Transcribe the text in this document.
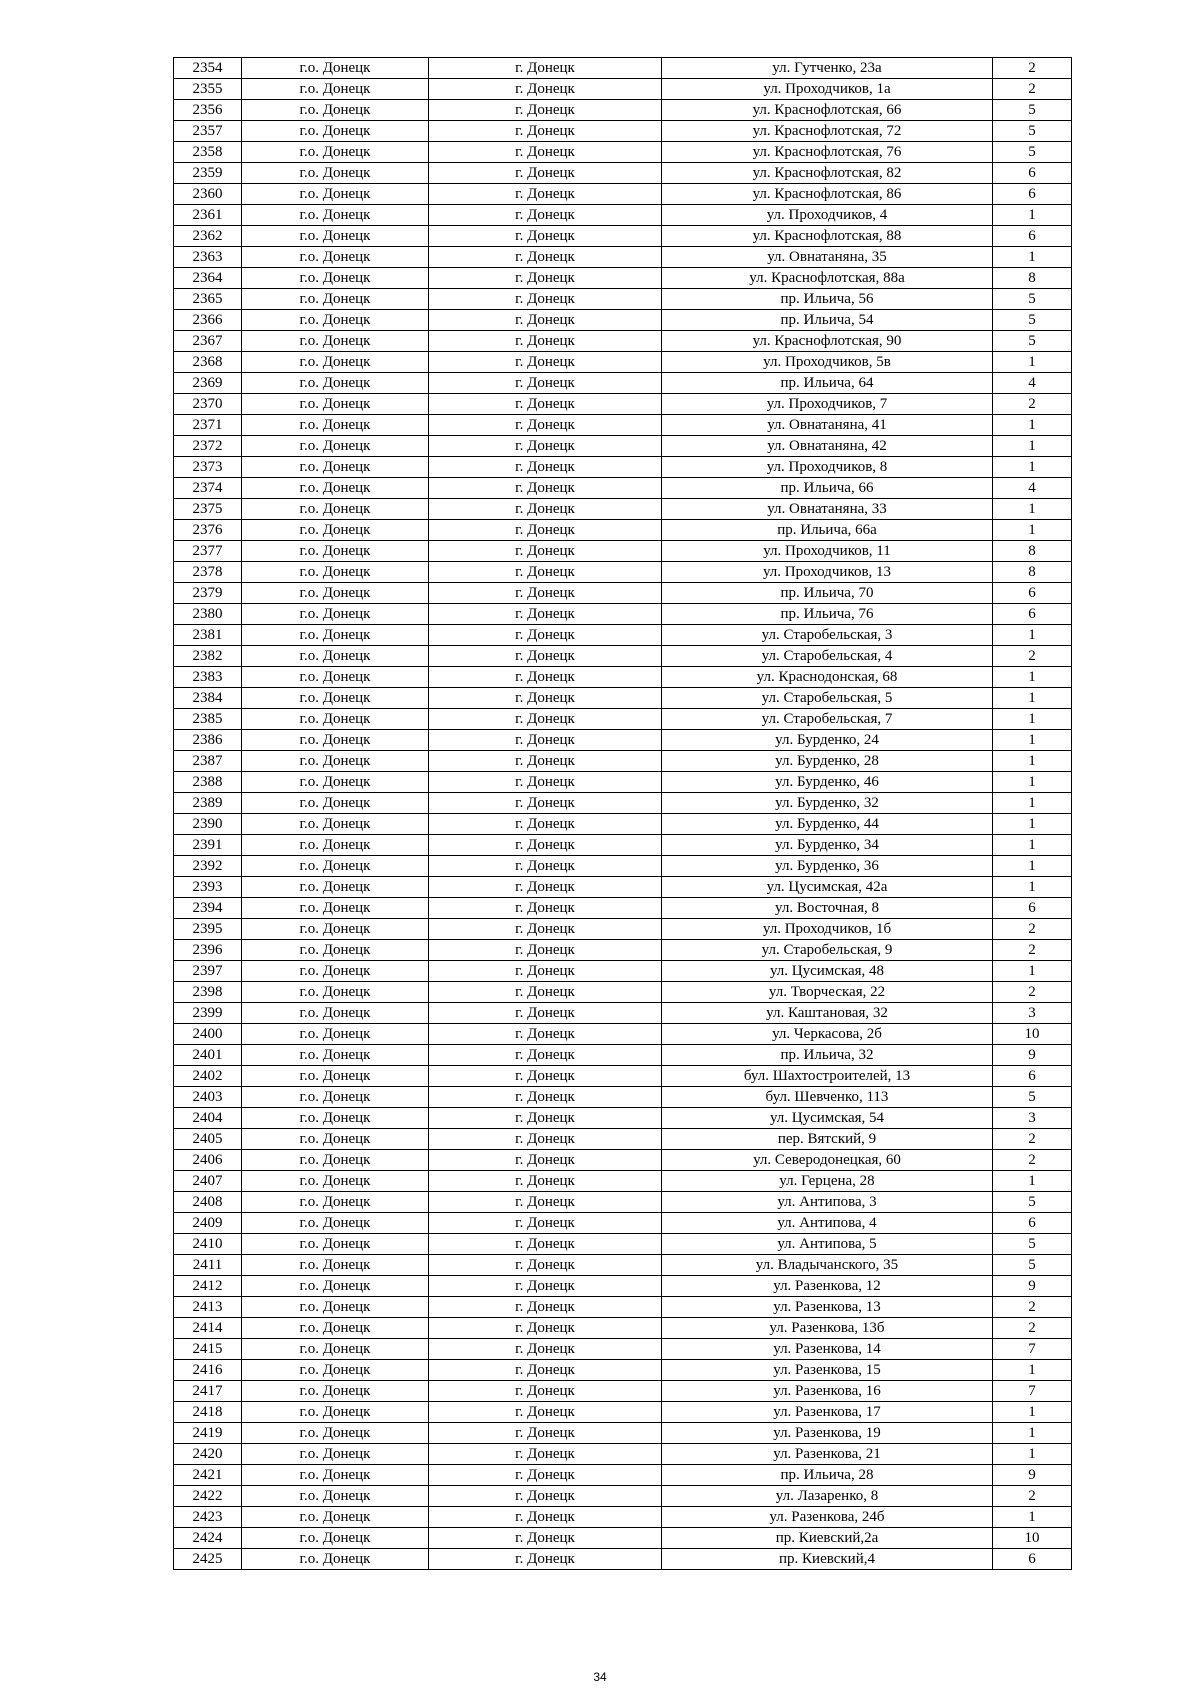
2354	г.о. Донецк	г. Донецк	ул. Гутченко, 23а	2
2355	г.о. Донецк	г. Донецк	ул. Проходчиков, 1а	2
2356	г.о. Донецк	г. Донецк	ул. Краснофлотская, 66	5
2357	г.о. Донецк	г. Донецк	ул. Краснофлотская, 72	5
2358	г.о. Донецк	г. Донецк	ул. Краснофлотская, 76	5
2359	г.о. Донецк	г. Донецк	ул. Краснофлотская, 82	6
2360	г.о. Донецк	г. Донецк	ул. Краснофлотская, 86	6
2361	г.о. Донецк	г. Донецк	ул. Проходчиков, 4	1
2362	г.о. Донецк	г. Донецк	ул. Краснофлотская, 88	6
2363	г.о. Донецк	г. Донецк	ул. Овнатаняна, 35	1
2364	г.о. Донецк	г. Донецк	ул. Краснофлотская, 88а	8
2365	г.о. Донецк	г. Донецк	пр. Ильича, 56	5
2366	г.о. Донецк	г. Донецк	пр. Ильича, 54	5
2367	г.о. Донецк	г. Донецк	ул. Краснофлотская, 90	5
2368	г.о. Донецк	г. Донецк	ул. Проходчиков, 5в	1
2369	г.о. Донецк	г. Донецк	пр. Ильича, 64	4
2370	г.о. Донецк	г. Донецк	ул. Проходчиков, 7	2
2371	г.о. Донецк	г. Донецк	ул. Овнатаняна, 41	1
2372	г.о. Донецк	г. Донецк	ул. Овнатаняна, 42	1
2373	г.о. Донецк	г. Донецк	ул. Проходчиков, 8	1
2374	г.о. Донецк	г. Донецк	пр. Ильича, 66	4
2375	г.о. Донецк	г. Донецк	ул. Овнатаняна, 33	1
2376	г.о. Донецк	г. Донецк	пр. Ильича, 66а	1
2377	г.о. Донецк	г. Донецк	ул. Проходчиков, 11	8
2378	г.о. Донецк	г. Донецк	ул. Проходчиков, 13	8
2379	г.о. Донецк	г. Донецк	пр. Ильича, 70	6
2380	г.о. Донецк	г. Донецк	пр. Ильича, 76	6
2381	г.о. Донецк	г. Донецк	ул. Старобельская, 3	1
2382	г.о. Донецк	г. Донецк	ул. Старобельская, 4	2
2383	г.о. Донецк	г. Донецк	ул. Краснодонская, 68	1
2384	г.о. Донецк	г. Донецк	ул. Старобельская, 5	1
2385	г.о. Донецк	г. Донецк	ул. Старобельская, 7	1
2386	г.о. Донецк	г. Донецк	ул. Бурденко, 24	1
2387	г.о. Донецк	г. Донецк	ул. Бурденко, 28	1
2388	г.о. Донецк	г. Донецк	ул. Бурденко, 46	1
2389	г.о. Донецк	г. Донецк	ул. Бурденко, 32	1
2390	г.о. Донецк	г. Донецк	ул. Бурденко, 44	1
2391	г.о. Донецк	г. Донецк	ул. Бурденко, 34	1
2392	г.о. Донецк	г. Донецк	ул. Бурденко, 36	1
2393	г.о. Донецк	г. Донецк	ул. Цусимская, 42а	1
2394	г.о. Донецк	г. Донецк	ул. Восточная, 8	6
2395	г.о. Донецк	г. Донецк	ул. Проходчиков, 1б	2
2396	г.о. Донецк	г. Донецк	ул. Старобельская, 9	2
2397	г.о. Донецк	г. Донецк	ул. Цусимская, 48	1
2398	г.о. Донецк	г. Донецк	ул. Творческая, 22	2
2399	г.о. Донецк	г. Донецк	ул. Каштановая, 32	3
2400	г.о. Донецк	г. Донецк	ул. Черкасова, 2б	10
2401	г.о. Донецк	г. Донецк	пр. Ильича, 32	9
2402	г.о. Донецк	г. Донецк	бул. Шахтостроителей, 13	6
2403	г.о. Донецк	г. Донецк	бул. Шевченко, 113	5
2404	г.о. Донецк	г. Донецк	ул. Цусимская, 54	3
2405	г.о. Донецк	г. Донецк	пер. Вятский, 9	2
2406	г.о. Донецк	г. Донецк	ул. Северодонецкая, 60	2
2407	г.о. Донецк	г. Донецк	ул. Герцена, 28	1
2408	г.о. Донецк	г. Донецк	ул. Антипова, 3	5
2409	г.о. Донецк	г. Донецк	ул. Антипова, 4	6
2410	г.о. Донецк	г. Донецк	ул. Антипова, 5	5
2411	г.о. Донецк	г. Донецк	ул. Владычанского, 35	5
2412	г.о. Донецк	г. Донецк	ул. Разенкова, 12	9
2413	г.о. Донецк	г. Донецк	ул. Разенкова, 13	2
2414	г.о. Донецк	г. Донецк	ул. Разенкова, 13б	2
2415	г.о. Донецк	г. Донецк	ул. Разенкова, 14	7
2416	г.о. Донецк	г. Донецк	ул. Разенкова, 15	1
2417	г.о. Донецк	г. Донецк	ул. Разенкова, 16	7
2418	г.о. Донецк	г. Донецк	ул. Разенкова, 17	1
2419	г.о. Донецк	г. Донецк	ул. Разенкова, 19	1
2420	г.о. Донецк	г. Донецк	ул. Разенкова, 21	1
2421	г.о. Донецк	г. Донецк	пр. Ильича, 28	9
2422	г.о. Донецк	г. Донецк	ул. Лазаренко, 8	2
2423	г.о. Донецк	г. Донецк	ул. Разенкова, 24б	1
2424	г.о. Донецк	г. Донецк	пр. Киевский,2а	10
2425	г.о. Донецк	г. Донецк	пр. Киевский,4	6
34
